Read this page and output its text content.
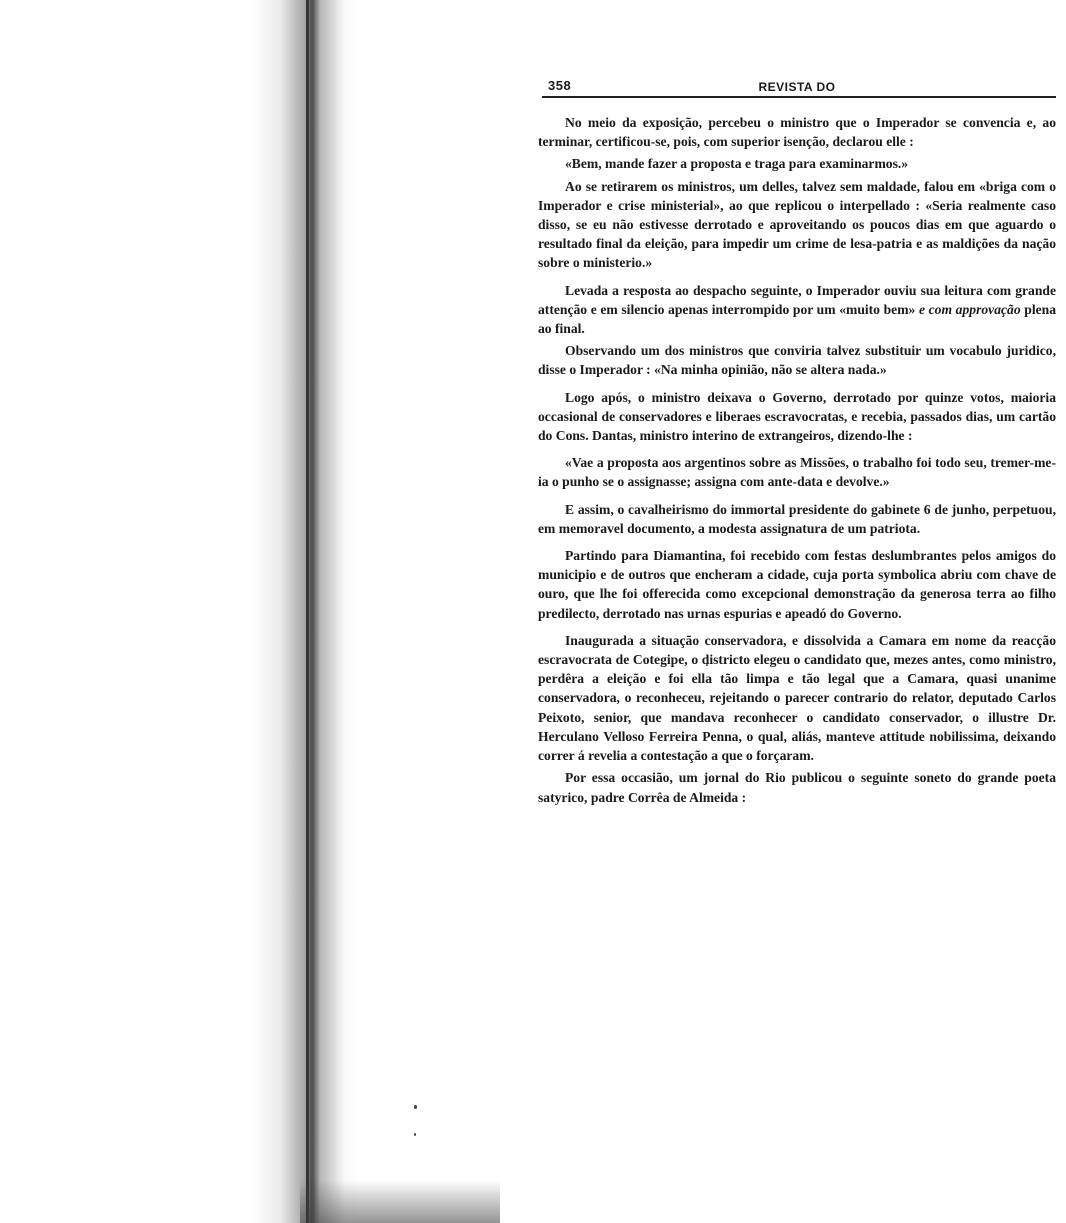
358	REVISTA DO

No meio da exposição, percebeu o ministro que o Imperador se convencia e, ao terminar, certificou-se, pois, com superior isenção, declarou elle :

«Bem, mande fazer a proposta e traga para examinarmos.»

Ao se retirarem os ministros, um delles, talvez sem maldade, falou em «briga com o Imperador e crise ministerial», ao que replicou o interpellado : «Seria realmente caso disso, se eu não estivesse derrotado e aproveitando os poucos dias em que aguardo o resultado final da eleição, para impedir um crime de lesa-patria e as maldições da nação sobre o ministerio.»

Levada a resposta ao despacho seguinte, o Imperador ouviu sua leitura com grande attenção e em silencio apenas interrompido por um «muito bem» e com approvação plena ao final.

Observando um dos ministros que conviria talvez substituir um vocabulo juridico, disse o Imperador : «Na minha opinião, não se altera nada.»

Logo após, o ministro deixava o Governo, derrotado por quinze votos, maioria occasional de conservadores e liberaes escravocratas, e recebia, passados dias, um cartão do Cons. Dantas, ministro interino de extrangeiros, dizendo-lhe :

«Vae a proposta aos argentinos sobre as Missões, o trabalho foi todo seu, tremer-me-ia o punho se o assignasse; assigna com ante-data e devolve.»

E assim, o cavalheirismo do immortal presidente do gabinete 6 de junho, perpetuou, em memoravel documento, a modesta assignatura de um patriota.

Partindo para Diamantina, foi recebido com festas deslumbrantes pelos amigos do municipio e de outros que encheram a cidade, cuja porta symbolica abriu com chave de ouro, que lhe foi offerecida como excepcional demonstração da generosa terra ao filho predilecto, derrotado nas urnas espurias e apeadó do Governo.

Inaugurada a situação conservadora, e dissolvida a Camara em nome da reacção escravocrata de Cotegipe, o districto elegeu o candidato que, mezes antes, como ministro, perdêra a eleição e foi ella tão limpa e tão legal que a Camara, quasi unanime conservadora, o reconheceu, rejeitando o parecer contrario do relator, deputado Carlos Peixoto, senior, que mandava reconhecer o candidato conservador, o illustre Dr. Herculano Velloso Ferreira Penna, o qual, aliás, manteve attitude nobilissima, deixando correr á revelia a contestação a que o forçaram.

Por essa occasião, um jornal do Rio publicou o seguinte soneto do grande poeta satyrico, padre Corrêa de Almeida :
